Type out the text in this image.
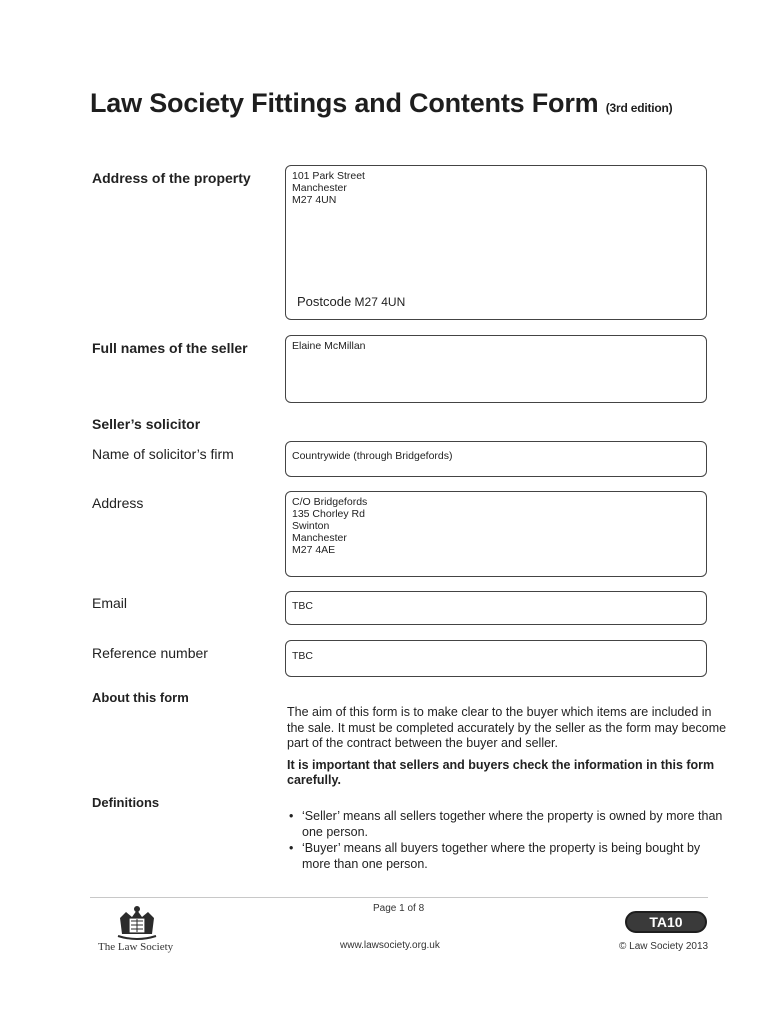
Law Society Fittings and Contents Form (3rd edition)
Address of the property	101 Park Street
Manchester
M27 4UN
Postcode M27 4UN
Full names of the seller	Elaine McMillan
Seller’s solicitor
Name of solicitor’s firm	Countrywide (through Bridgefords)
Address	C/O Bridgefords
135 Chorley Rd
Swinton
Manchester
M27 4AE
Email	TBC
Reference number	TBC
About this form
The aim of this form is to make clear to the buyer which items are included in the sale. It must be completed accurately by the seller as the form may become part of the contract between the buyer and seller.
It is important that sellers and buyers check the information in this form carefully.
Definitions
• ‘Seller’ means all sellers together where the property is owned by more than one person.
• ‘Buyer’ means all buyers together where the property is being bought by more than one person.
Page 1 of 8
The Law Society	www.lawsociety.org.uk
TA10
© Law Society 2013
